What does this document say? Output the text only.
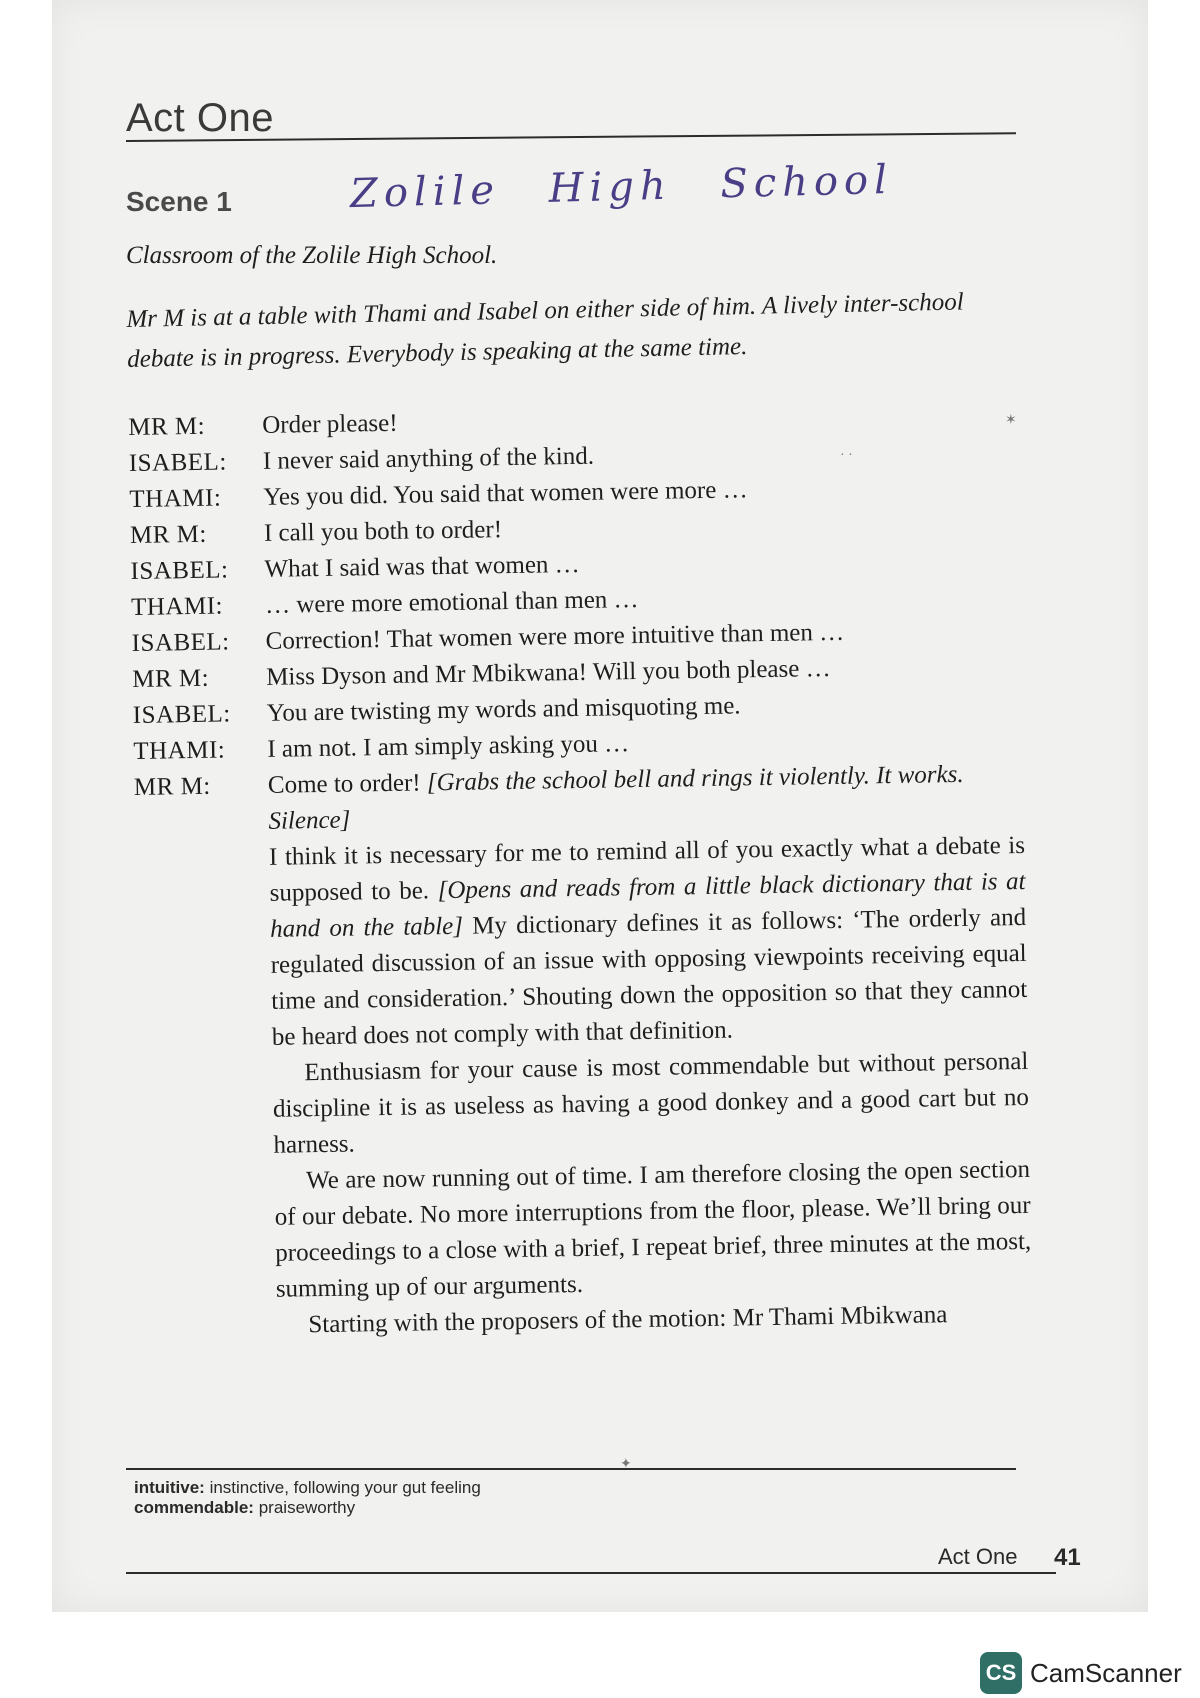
Act One
Scene 1	Zolile High School
Classroom of the Zolile High School.
Mr M is at a table with Thami and Isabel on either side of him. A lively inter-school debate is in progress. Everybody is speaking at the same time.
MR M:	Order please!
ISABEL:	I never said anything of the kind.
THAMI:	Yes you did. You said that women were more …
MR M:	I call you both to order!
ISABEL:	What I said was that women …
THAMI:	… were more emotional than men …
ISABEL:	Correction! That women were more intuitive than men …
MR M:	Miss Dyson and Mr Mbikwana! Will you both please …
ISABEL:	You are twisting my words and misquoting me.
THAMI:	I am not. I am simply asking you …
MR M:	Come to order! [Grabs the school bell and rings it violently. It works. Silence]
I think it is necessary for me to remind all of you exactly what a debate is supposed to be. [Opens and reads from a little black dictionary that is at hand on the table] My dictionary defines it as follows: ‘The orderly and regulated discussion of an issue with opposing viewpoints receiving equal time and consideration.’ Shouting down the opposition so that they cannot be heard does not comply with that definition.
Enthusiasm for your cause is most commendable but without personal discipline it is as useless as having a good donkey and a good cart but no harness.
We are now running out of time. I am therefore closing the open section of our debate. No more interruptions from the floor, please. We’ll bring our proceedings to a close with a brief, I repeat brief, three minutes at the most, summing up of our arguments.
Starting with the proposers of the motion: Mr Thami Mbikwana
intuitive: instinctive, following your gut feeling
commendable: praiseworthy
Act One 41
✶
· ·
✦
CS CamScanner
